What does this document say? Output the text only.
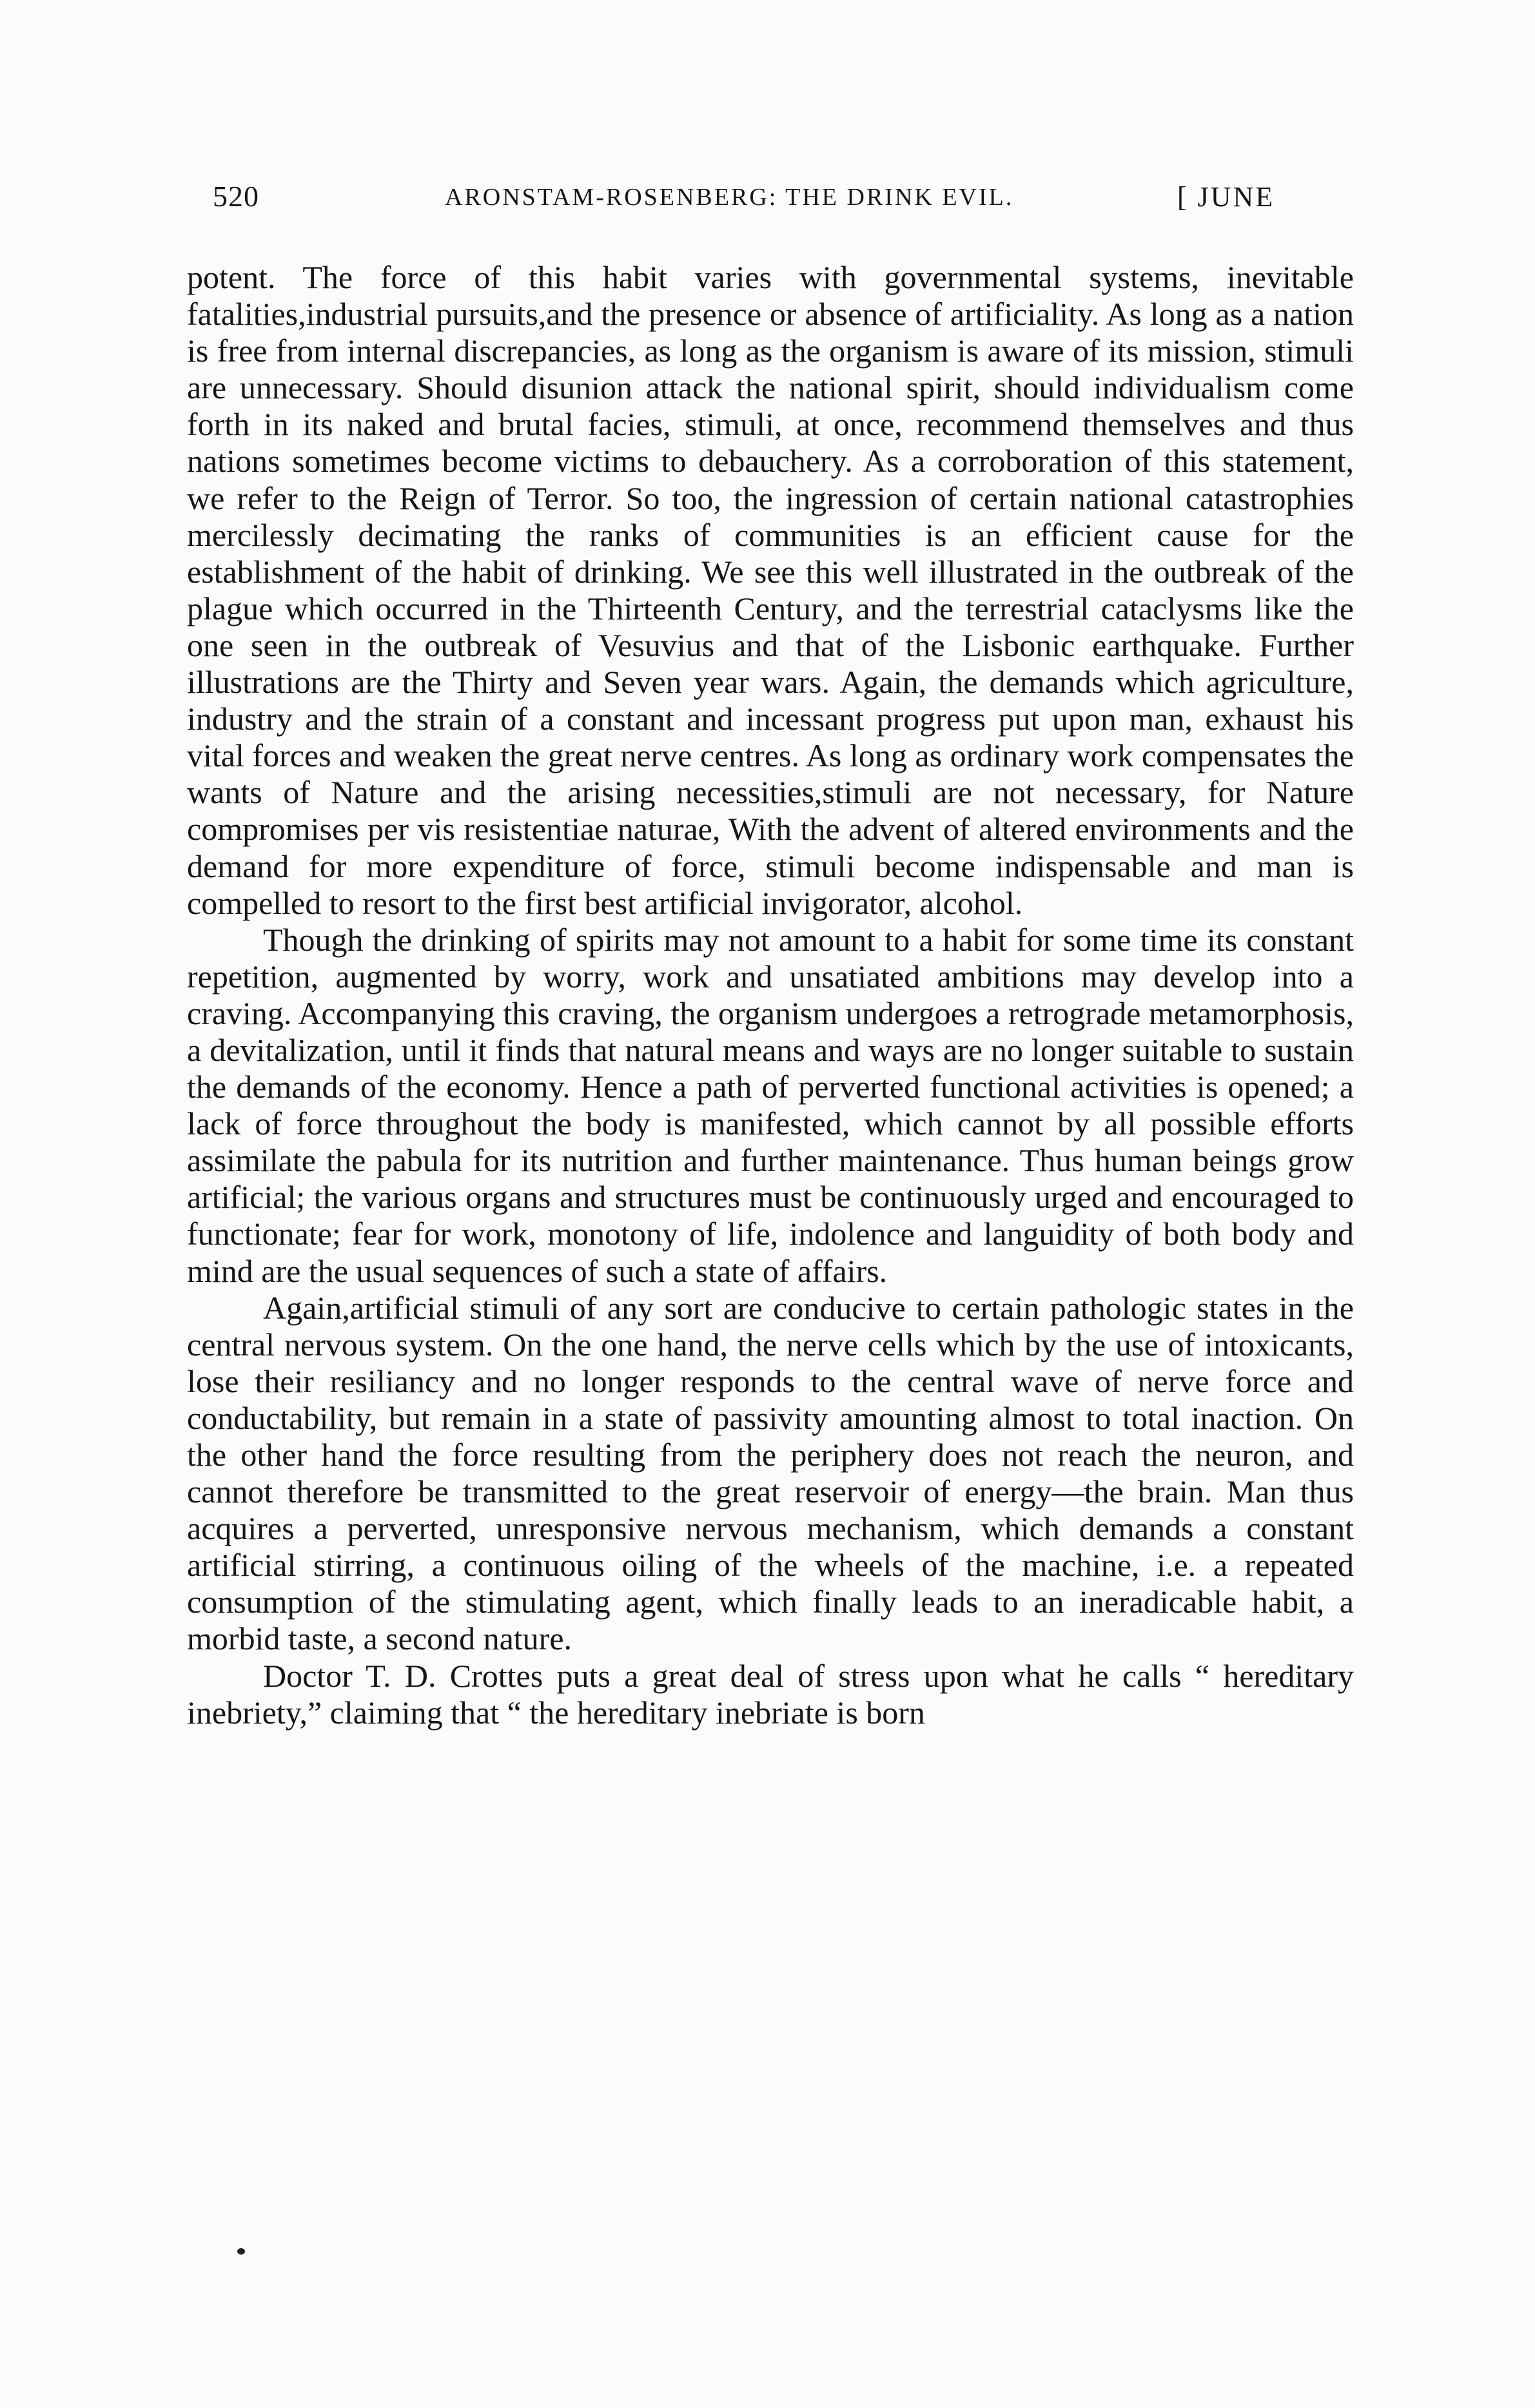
520	ARONSTAM-ROSENBERG: THE DRINK EVIL.	[ JUNE

potent. The force of this habit varies with governmental systems, inevitable fatalities,industrial pursuits,and the presence or absence of artificiality. As long as a nation is free from internal discrepancies, as long as the organism is aware of its mission, stimuli are unnecessary. Should disunion attack the national spirit, should individualism come forth in its naked and brutal facies, stimuli, at once, recommend themselves and thus nations sometimes become victims to debauchery. As a corroboration of this statement, we refer to the Reign of Terror. So too, the ingression of certain national catastrophies mercilessly decimating the ranks of communities is an efficient cause for the establishment of the habit of drinking. We see this well illustrated in the outbreak of the plague which occurred in the Thirteenth Century, and the terrestrial cataclysms like the one seen in the outbreak of Vesuvius and that of the Lisbonic earthquake. Further illustrations are the Thirty and Seven year wars. Again, the demands which agriculture, industry and the strain of a constant and incessant progress put upon man, exhaust his vital forces and weaken the great nerve centres. As long as ordinary work compensates the wants of Nature and the arising necessities,stimuli are not necessary, for Nature compromises per vis resistentiae naturae, With the advent of altered environments and the demand for more expenditure of force, stimuli become indispensable and man is compelled to resort to the first best artificial invigorator, alcohol.

Though the drinking of spirits may not amount to a habit for some time its constant repetition, augmented by worry, work and unsatiated ambitions may develop into a craving. Accompanying this craving, the organism undergoes a retrograde metamorphosis, a devitalization, until it finds that natural means and ways are no longer suitable to sustain the demands of the economy. Hence a path of perverted functional activities is opened; a lack of force throughout the body is manifested, which cannot by all possible efforts assimilate the pabula for its nutrition and further maintenance. Thus human beings grow artificial; the various organs and structures must be continuously urged and encouraged to functionate; fear for work, monotony of life, indolence and languidity of both body and mind are the usual sequences of such a state of affairs.

Again,artificial stimuli of any sort are conducive to certain pathologic states in the central nervous system. On the one hand, the nerve cells which by the use of intoxicants, lose their resiliancy and no longer responds to the central wave of nerve force and conductability, but remain in a state of passivity amounting almost to total inaction. On the other hand the force resulting from the periphery does not reach the neuron, and cannot therefore be transmitted to the great reservoir of energy—the brain. Man thus acquires a perverted, unresponsive nervous mechanism, which demands a constant artificial stirring, a continuous oiling of the wheels of the machine, i.e. a repeated consumption of the stimulating agent, which finally leads to an ineradicable habit, a morbid taste, a second nature.

Doctor T. D. Crottes puts a great deal of stress upon what he calls “ hereditary inebriety,” claiming that “ the hereditary inebriate is born
